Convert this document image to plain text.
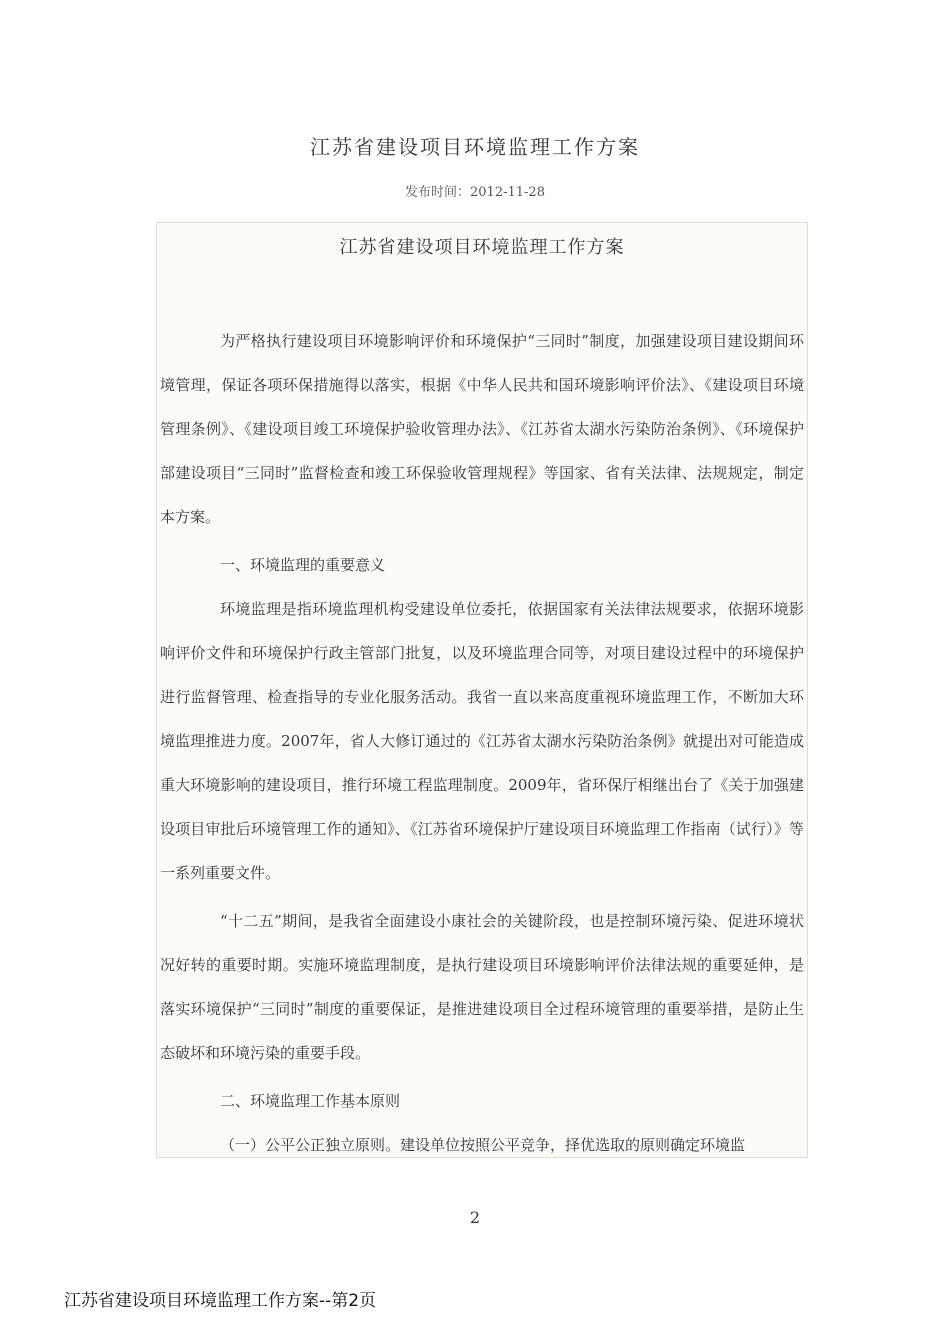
江苏省建设项目环境监理工作方案
发布时间：2012-11-28
江苏省建设项目环境监理工作方案

为严格执行建设项目环境影响评价和环境保护“三同时”制度，加强建设项目建设期间环境管理，保证各项环保措施得以落实，根据《中华人民共和国环境影响评价法》、《建设项目环境管理条例》、《建设项目竣工环境保护验收管理办法》、《江苏省太湖水污染防治条例》、《环境保护部建设项目“三同时”监督检查和竣工环保验收管理规程》等国家、省有关法律、法规规定，制定本方案。

一、环境监理的重要意义

环境监理是指环境监理机构受建设单位委托，依据国家有关法律法规要求，依据环境影响评价文件和环境保护行政主管部门批复，以及环境监理合同等，对项目建设过程中的环境保护进行监督管理、检查指导的专业化服务活动。我省一直以来高度重视环境监理工作，不断加大环境监理推进力度。2007年，省人大修订通过的《江苏省太湖水污染防治条例》就提出对可能造成重大环境影响的建设项目，推行环境工程监理制度。2009年，省环保厅相继出台了《关于加强建设项目审批后环境管理工作的通知》、《江苏省环境保护厅建设项目环境监理工作指南（试行）》等一系列重要文件。

“十二五”期间，是我省全面建设小康社会的关键阶段，也是控制环境污染、促进环境状况好转的重要时期。实施环境监理制度，是执行建设项目环境影响评价法律法规的重要延伸，是落实环境保护“三同时”制度的重要保证，是推进建设项目全过程环境管理的重要举措，是防止生态破坏和环境污染的重要手段。

二、环境监理工作基本原则

（一）公平公正独立原则。建设单位按照公平竞争，择优选取的原则确定环境监

2
江苏省建设项目环境监理工作方案--第2页
